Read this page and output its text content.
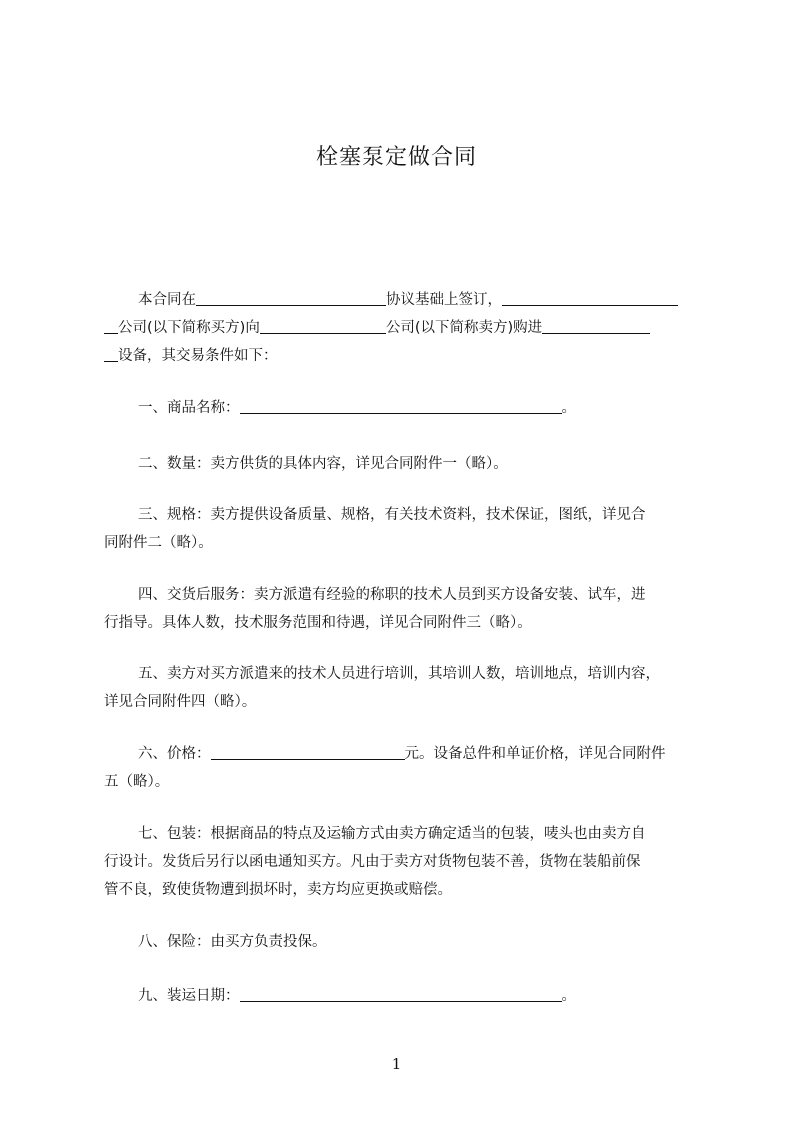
栓塞泵定做合同
本合同在	协议基础上签订，
公司(以下简称买方)向	公司(以下简称卖方)购进
设备，其交易条件如下：
一、商品名称：	。
二、数量：卖方供货的具体内容，详见合同附件一（略）。
三、规格：卖方提供设备质量、规格，有关技术资料，技术保证，图纸，详见合
同附件二（略）。
四、交货后服务：卖方派遣有经验的称职的技术人员到买方设备安装、试车，进
行指导。具体人数，技术服务范围和待遇，详见合同附件三（略）。
五、卖方对买方派遣来的技术人员进行培训，其培训人数，培训地点，培训内容，
详见合同附件四（略）。
六、价格：	元。设备总件和单证价格，详见合同附件
五（略）。
七、包装：根据商品的特点及运输方式由卖方确定适当的包装，唛头也由卖方自
行设计。发货后另行以函电通知买方。凡由于卖方对货物包装不善，货物在装船前保
管不良，致使货物遭到损坏时，卖方均应更换或赔偿。
八、保险：由买方负责投保。
九、装运日期：	。
1
